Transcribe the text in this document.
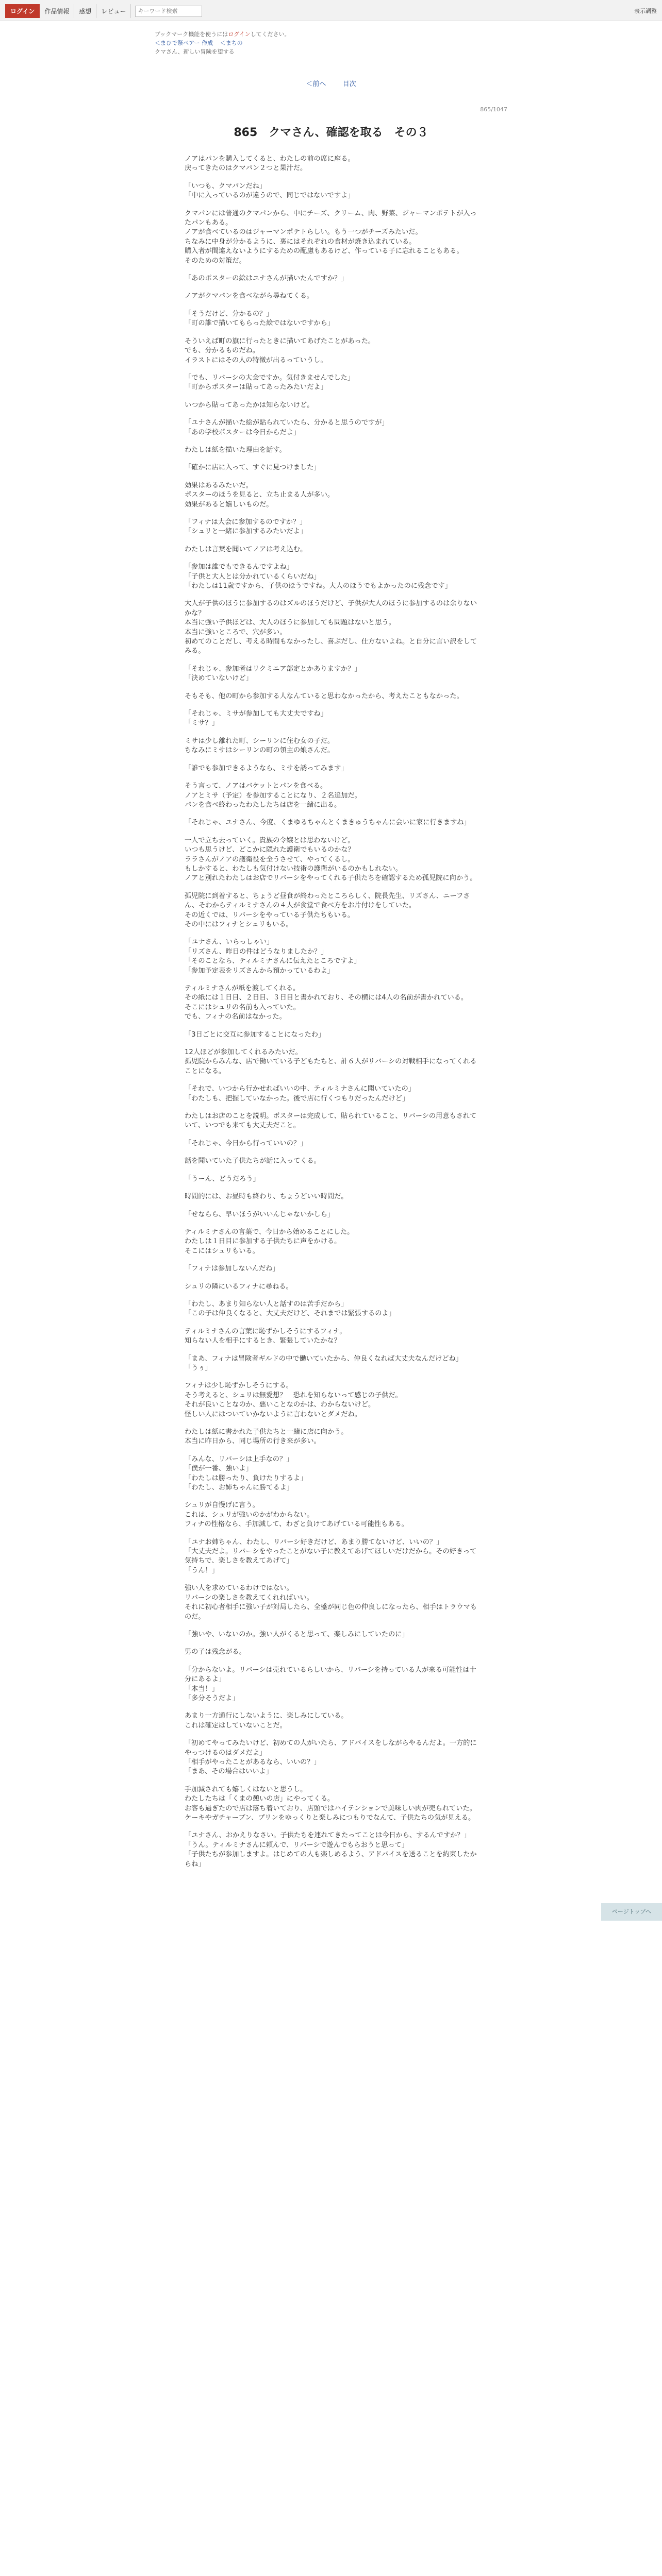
ログイン	作品情報	感想	レビュー
キーワード検索	表示調整
ブックマーク機能を使うにはログインしてください。
＜まひで祭ベアー 作成 ＜まちの
クマさん、新しい冒険を望する
＜前へ 目次
865/1047
865　クマさん、確認を取る　その３

ノアはパンを購入してくると、わたしの前の席に座る。
戻ってきたのはクマパン２つと果汁だ。

「いつも、クマパンだね」
「中に入っているのが違うので、同じではないですよ」

クマパンには普通のクマパンから、中にチーズ、クリーム、肉、野菜、ジャーマンポテトが入ったパンもある。
ノアが食べているのはジャーマンポテトらしい。もう一つがチーズみたいだ。
ちなみに中身が分かるように、裏にはそれぞれの食材が焼き込まれている。
購入者が間違えないようにするための配慮もあるけど、作っている子に忘れることもある。
そのための対策だ。

「あのポスターの絵はユナさんが描いたんですか？」

ノアがクマパンを食べながら尋ねてくる。

「そうだけど、分かるの？」
「町の誰で描いてもらった絵ではないですから」

そういえば町の旗に行ったときに描いてあげたことがあった。
でも、分かるものだね。
イラストにはその人の特徴が出るっていうし。

「でも、リバーシの大会ですか。気付きませんでした」
「町からポスターは貼ってあったみたいだよ」

いつから貼ってあったかは知らないけど。

「ユナさんが描いた絵が貼られていたら、分かると思うのですが」
「あの学校ポスターは今日からだよ」

わたしは紙を描いた理由を話す。

「確かに店に入って、すぐに見つけました」

効果はあるみたいだ。
ポスターのほうを見ると、立ち止まる人が多い。
効果があると嬉しいものだ。

「フィナは大会に参加するのですか？」
「シュリと一緒に参加するみたいだよ」

わたしは言葉を聞いてノアは考え込む。

「参加は誰でもできるんですよね」
「子供と大人とは分かれているくらいだね」
「わたしは11歳ですから、子供のほうですね。大人のほうでもよかったのに残念です」

大人が子供のほうに参加するのはズルのほうだけど、子供が大人のほうに参加するのは余りないかな？
本当に強い子供ほどは、大人のほうに参加しても問題はないと思う。
本当に強いところで、穴が多い。
初めてのことだし、考える時間もなかったし、喜ぶだし、仕方ないよね。と自分に言い訳をしてみる。

「それじゃ、参加者はリクミニア部定とかありますか？」
「決めていないけど」

そもそも、他の町から参加する人なんていると思わなかったから、考えたこともなかった。

「それじゃ、ミサが参加しても大丈夫ですね」
「ミサ？」

ミサは少し離れた町、シーリンに住む女の子だ。
ちなみにミサはシーリンの町の領主の娘さんだ。

「誰でも参加できるようなら、ミサを誘ってみます」

そう言って、ノアはバケットとパンを食べる。
ノアとミサ（予定）を参加することになり、２名追加だ。
パンを食べ終わったわたしたちは店を一緒に出る。

「それじゃ、ユナさん、今度、くまゆるちゃんとくまきゅうちゃんに会いに家に行きますね」

一人で立ち去っていく。貴族の令嬢とは思わないけど。
いつも思うけど、どこかに隠れた護衛でもいるのかな？
ララさんがノアの護衛役を全うさせて、やってくるし。
もしかすると、わたしも気付けない技術の護衛がいるのかもしれない。
ノアと別れたわたしはお店でリバーシをやってくれる子供たちを確認するため孤児院に向かう。

孤児院に到着すると、ちょうど昼食が終わったところらしく、院長先生、リズさん、ニーフさん、そわからティルミナさんの４人が食堂で食べ方をお片付けをしていた。
その近くでは、リバーシをやっている子供たちもいる。
その中にはフィナとシュリもいる。

「ユナさん、いらっしゃい」
「リズさん、昨日の件はどうなりましたか？」
「そのことなら、ティルミナさんに伝えたところですよ」
「参加予定表をリズさんから預かっているわよ」

ティルミナさんが紙を渡してくれる。
その紙には１日目、２日目、３日目と書かれており、その横には4人の名前が書かれている。
そこにはシュリの名前も入っていた。
でも、フィナの名前はなかった。

「3日ごとに交互に参加することになったわ」

12人ほどが参加してくれるみたいだ。
孤児院からみんな、店で働いている子どもたちと、計６人がリバーシの対戦相手になってくれることになる。

「それで、いつから行かせればいいの中、ティルミナさんに聞いていたの」
「わたしも、把握していなかった。後で店に行くつもりだったんだけど」

わたしはお店のことを説明。ポスターは完成して、貼られていること、リバーシの用意もされていて、いつでも来ても大丈夫だこと。

「それじゃ、今日から行っていいの？」

話を聞いていた子供たちが話に入ってくる。

「うーん、どうだろう」

時間的には、お昼時も終わり、ちょうどいい時間だ。

「せならら、早いほうがいいんじゃないかしら」

ティルミナさんの言葉で、今日から始めることにした。
わたしは１日目に参加する子供たちに声をかける。
そこにはシュリもいる。

「フィナは参加しないんだね」

シュリの隣にいるフィナに尋ねる。

「わたし、あまり知らない人と話すのは苦手だから」
「この子は仲良くなると、大丈夫だけど、それまでは緊張するのよ」

ティルミナさんの言葉に恥ずかしそうにするフィナ。
知らない人を相手にするとき、緊張していたかな？

「まあ、フィナは冒険者ギルドの中で働いていたから、仲良くなれば大丈夫なんだけどね」
「うぅ」

フィナは少し恥ずかしそうにする。
そう考えると、シュリは無愛想？　恐れを知らないって感じの子供だ。
それが良いことなのか、悪いことなのかは、わからないけど。
怪しい人にはついていかないように言わないとダメだね。

わたしは紙に書かれた子供たちと一緒に店に向かう。
本当に昨日から、同じ場所の行き来が多い。

「みんな、リバーシは上手なの？」
「僕が一番、強いよ」
「わたしは勝ったり、負けたりするよ」
「わたし、お姉ちゃんに勝てるよ」

シュリが自慢げに言う。
これは、シュリが強いのかがわからない。
フィナの性格なら、手加減して、わざと負けてあげている可能性もある。

「ユナお姉ちゃん、わたし、リバーシ好きだけど、あまり勝てないけど、いいの？」
「大丈夫だよ。リバーシをやったことがない子に教えてあげてほしいだけだから。その好きって気持ちで、楽しさを教えてあげて」
「うん！」

強い人を求めているわけではない。
リバーシの楽しさを教えてくれればいい。
それに初心者相手に強い子が対局したら、全盛が同じ色の仲良しになったら、相手はトラウマものだ。

「強いや、いないのか。強い人がくると思って、楽しみにしていたのに」

男の子は残念がる。

「分からないよ。リバーシは売れているらしいから、リバーシを持っている人が来る可能性は十分にあるよ」
「本当！」
「多分そうだよ」

あまり一方通行にしないように、楽しみにしている。
これは確定はしていないことだ。

「初めてやってみたいけど、初めての人がいたら、アドバイスをしながらやるんだよ。一方的にやっつけるのはダメだよ」
「相手がやったことがあるなら、いいの？」
「まあ、その場合はいいよ」

手加減されても嬉しくはないと思うし。
わたしたちは「くまの憩いの店」にやってくる。
お客も過ぎたので店は落ち着いており、店頭ではハイテンションで美味しい肉が売られていた。
ケーキやガチャーブン、プリンをゆっくりと楽しみにつもりでなんて、子供たちの気が見える。

「ユナさん、おかえりなさい。子供たちを連れてきたってことは今日から、するんですか？」
「うん。ティルミナさんに頼んで、リバーシで遊んでもらおうと思って」
「子供たちが参加しますよ。はじめての人も楽しめるよう、アドバイスを送ることを約束したからね」

ページトップへ
